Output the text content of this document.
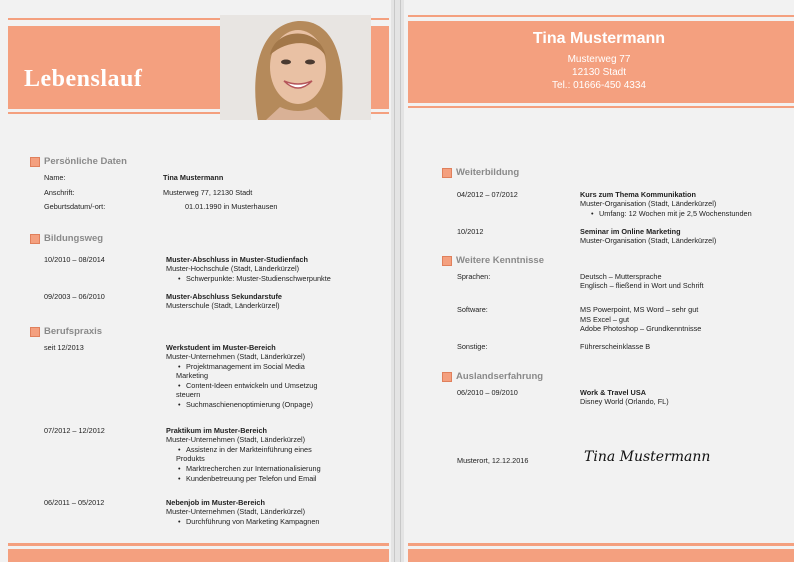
Lebenslauf
Persönliche Daten
Name:	Tina Mustermann
Anschrift:	Musterweg 77, 12130 Stadt
Geburtsdatum/-ort:	01.01.1990 in Musterhausen
Bildungsweg
10/2010 – 08/2014	Muster-Abschluss in Muster-Studienfach
Muster-Hochschule (Stadt, Länderkürzel)
• Schwerpunkte: Muster-Studienschwerpunkte
09/2003 – 06/2010	Muster-Abschluss Sekundarstufe
Musterschule (Stadt, Länderkürzel)
Berufspraxis
seit 12/2013	Werkstudent im Muster-Bereich
Muster-Unternehmen (Stadt, Länderkürzel)
• Projektmanagement im Social Media
Marketing
• Content-Ideen entwickeln und Umsetzug
steuern
• Suchmaschienenoptimierung (Onpage)
07/2012 – 12/2012	Praktikum im Muster-Bereich
Muster-Unternehmen (Stadt, Länderkürzel)
• Assistenz in der Markteinführung eines
Produkts
• Marktrecherchen zur Internationalisierung
• Kundenbetreuung per Telefon und Email
06/2011 – 05/2012	Nebenjob im Muster-Bereich
Muster-Unternehmen (Stadt, Länderkürzel)
• Durchführung von Marketing Kampagnen
Weiterbildung
04/2012 – 07/2012	Kurs zum Thema Kommunikation
Muster-Organisation (Stadt, Länderkürzel)
• Umfang: 12 Wochen mit je 2,5 Wochenstunden
10/2012	Seminar im Online Marketing
Muster-Organisation (Stadt, Länderkürzel)
Weitere Kenntnisse
Sprachen:	Deutsch – Muttersprache
Englisch – fließend in Wort und Schrift
Software:	MS Powerpoint, MS Word – sehr gut
MS Excel – gut
Adobe Photoshop – Grundkenntnisse
Sonstige:	Führerscheinklasse B
Auslandserfahrung
06/2010 – 09/2010	Work & Travel USA
Disney World (Orlando, FL)
Musterort, 12.12.2016	Tina Mustermann
Tina Mustermann
Musterweg 77
12130 Stadt
Tel.: 01666-450 4334
